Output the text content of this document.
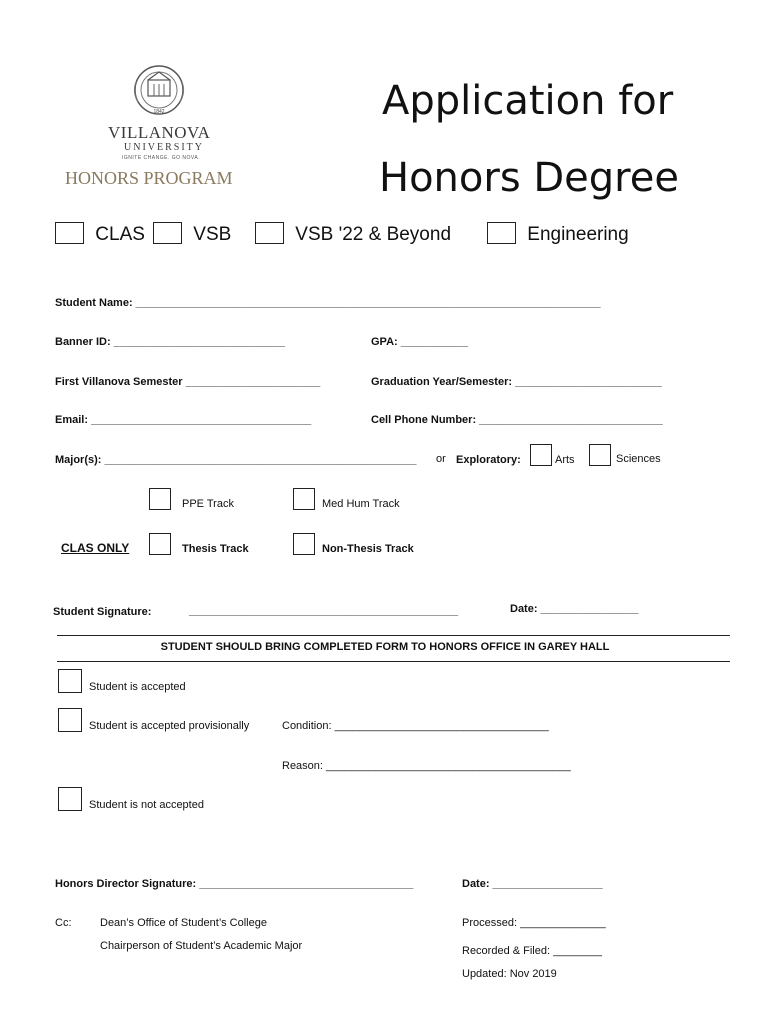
1842
VILLANOVA
UNIVERSITY
IGNITE CHANGE. GO NOVA.
HONORS PROGRAM
Application for
Honors Degree
CLAS	VSB	VSB '22 & Beyond	Engineering
Student Name: ____________________________________________________________________________
Banner ID: ____________________________	GPA: ___________
First Villanova Semester ______________________	Graduation Year/Semester: ________________________
Email: ____________________________________	Cell Phone Number: ______________________________
Major(s): ___________________________________________________ or Exploratory:	Arts	Sciences
PPE Track	Med Hum Track
CLAS ONLY	Thesis Track	Non-Thesis Track
Student Signature:	____________________________________________	Date: ________________
STUDENT SHOULD BRING COMPLETED FORM TO HONORS OFFICE IN GAREY HALL
Student is accepted
Student is accepted provisionally	Condition: ___________________________________
Reason: ________________________________________
Student is not accepted
Honors Director Signature: ___________________________________	Date: __________________
Cc:	Dean’s Office of Student’s College
Chairperson of Student’s Academic Major
Processed: ______________
Recorded & Filed: ________
Updated: Nov 2019
